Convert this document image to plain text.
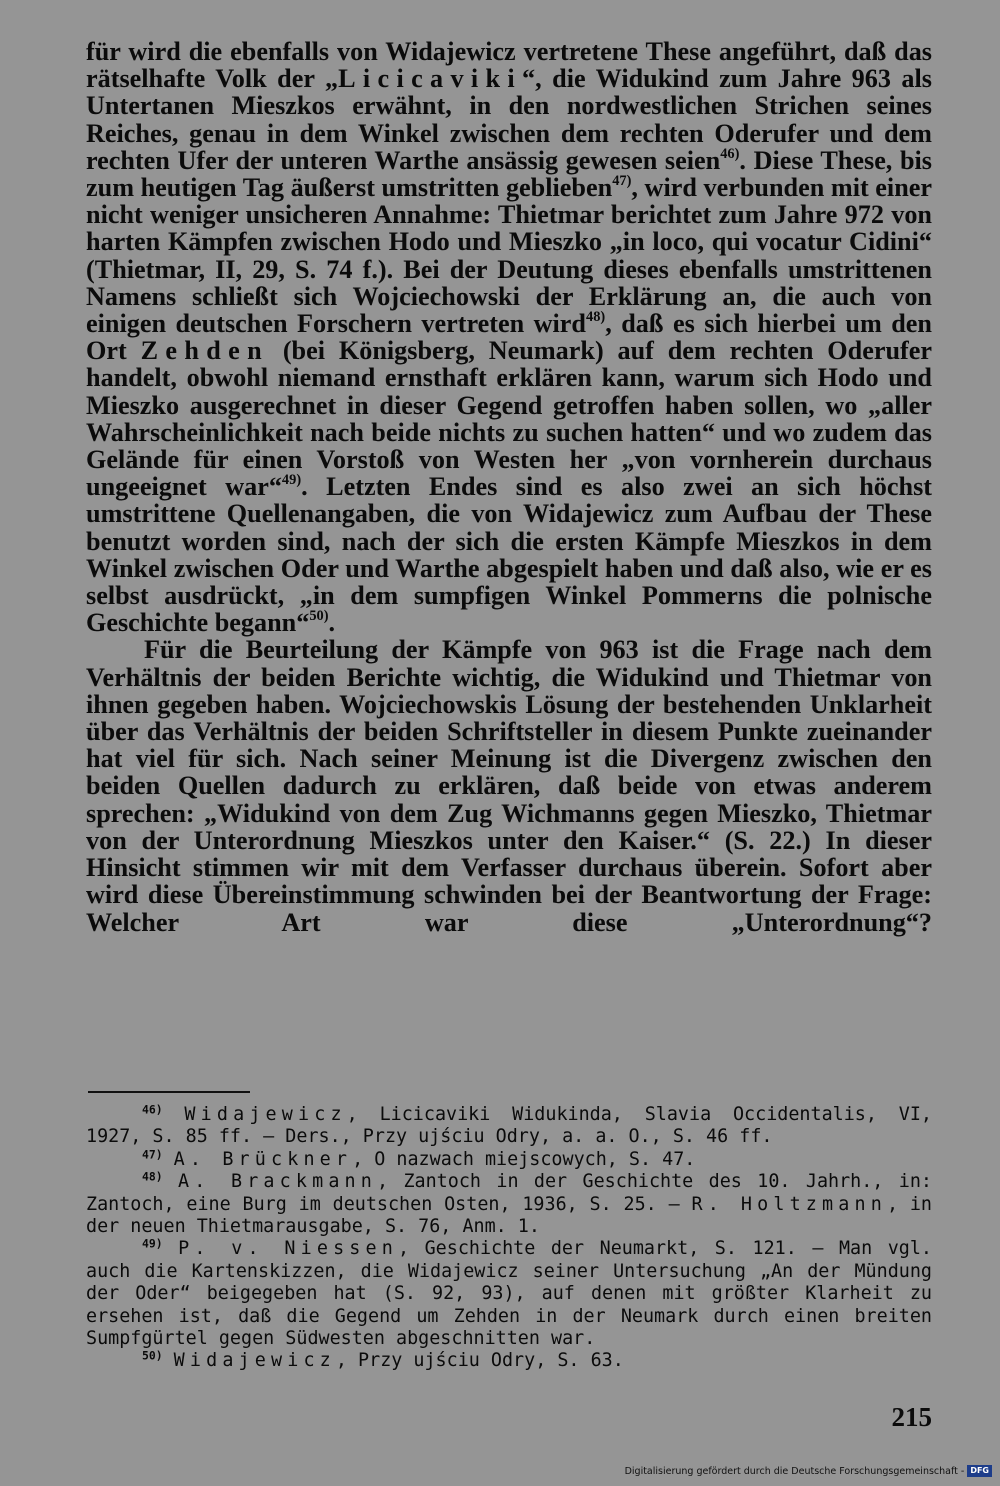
für wird die ebenfalls von Widajewicz vertretene These angeführt, daß das rätselhafte Volk der „Licicaviki“, die Widukind zum Jahre 963 als Untertanen Mieszkos erwähnt, in den nordwestlichen Strichen seines Reiches, genau in dem Winkel zwischen dem rechten Oderufer und dem rechten Ufer der unteren Warthe ansässig gewesen seien$^{46)}$. Diese These, bis zum heutigen Tag äußerst umstritten geblieben$^{47)}$, wird verbunden mit einer nicht weniger unsicheren Annahme: Thietmar berichtet zum Jahre 972 von harten Kämpfen zwischen Hodo und Mieszko „in loco, qui vocatur Cidini“ (Thietmar, II, 29, S. 74 f.). Bei der Deutung dieses ebenfalls umstrittenen Namens schließt sich Wojciechowski der Erklärung an, die auch von einigen deutschen Forschern vertreten wird$^{48)}$, daß es sich hierbei um den Ort Zehden (bei Königsberg, Neumark) auf dem rechten Oderufer handelt, obwohl niemand ernsthaft erklären kann, warum sich Hodo und Mieszko ausgerechnet in dieser Gegend getroffen haben sollen, wo „aller Wahrscheinlichkeit nach beide nichts zu suchen hatten“ und wo zudem das Gelände für einen Vorstoß von Westen her „von vornherein durchaus ungeeignet war“$^{49)}$. Letzten Endes sind es also zwei an sich höchst umstrittene Quellenangaben, die von Widajewicz zum Aufbau der These benutzt worden sind, nach der sich die ersten Kämpfe Mieszkos in dem Winkel zwischen Oder und Warthe abgespielt haben und daß also, wie er es selbst ausdrückt, „in dem sumpfigen Winkel Pommerns die polnische Geschichte begann“$^{50)}$.

Für die Beurteilung der Kämpfe von 963 ist die Frage nach dem Verhältnis der beiden Berichte wichtig, die Widukind und Thietmar von ihnen gegeben haben. Wojciechowskis Lösung der bestehenden Unklarheit über das Verhältnis der beiden Schriftsteller in diesem Punkte zueinander hat viel für sich. Nach seiner Meinung ist die Divergenz zwischen den beiden Quellen dadurch zu erklären, daß beide von etwas anderem sprechen: „Widukind von dem Zug Wichmanns gegen Mieszko, Thietmar von der Unterordnung Mieszkos unter den Kaiser.“ (S. 22.) In dieser Hinsicht stimmen wir mit dem Verfasser durchaus überein. Sofort aber wird diese Übereinstimmung schwinden bei der Beantwortung der Frage: Welcher Art war diese „Unterordnung“?

$^{46)}$ Widajewicz, Licicaviki Widukinda, Slavia Occidentalis, VI, 1927, S. 85 ff. — Ders., Przy ujściu Odry, a. a. O., S. 46 ff.

$^{47)}$ A. Brückner, O nazwach miejscowych, S. 47.

$^{48)}$ A. Brackmann, Zantoch in der Geschichte des 10. Jahrh., in: Zantoch, eine Burg im deutschen Osten, 1936, S. 25. — R. Holtzmann, in der neuen Thietmarausgabe, S. 76, Anm. 1.

$^{49)}$ P. v. Niessen, Geschichte der Neumarkt, S. 121. — Man vgl. auch die Kartenskizzen, die Widajewicz seiner Untersuchung „An der Mündung der Oder“ beigegeben hat (S. 92, 93), auf denen mit größter Klarheit zu ersehen ist, daß die Gegend um Zehden in der Neumark durch einen breiten Sumpfgürtel gegen Südwesten abgeschnitten war.

$^{50)}$ Widajewicz, Przy ujściu Odry, S. 63.

215
Digitalisierung gefördert durch die Deutsche Forschungsgemeinschaft - DFG
